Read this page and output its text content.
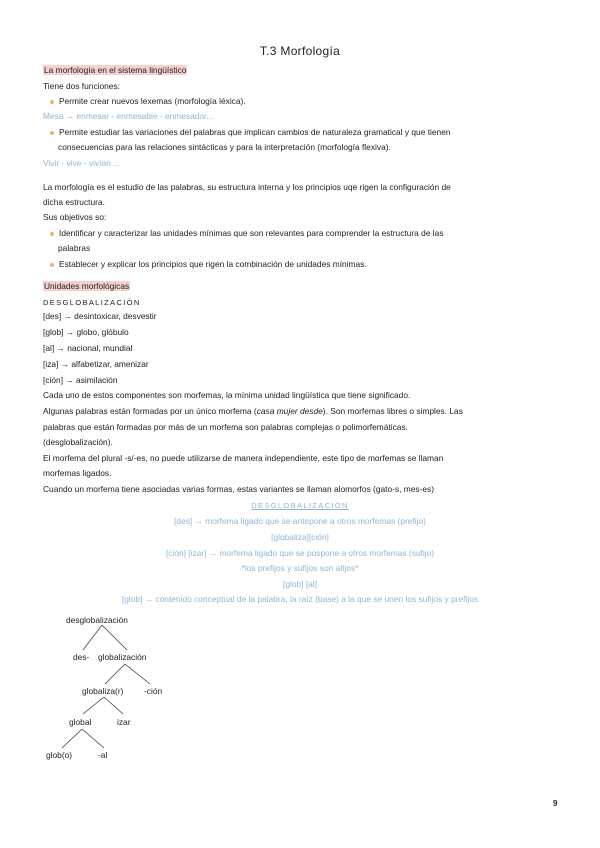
T.3 Morfología
La morfología en el sistema lingüístico
Tiene dos funciones:
Permite crear nuevos lexemas (morfología léxica).
Mesa → enmesar - enmesable - enmesador...
Permite estudiar las variaciones del palabras que implican cambios de naturaleza gramatical y que tienen
consecuencias para las relaciones sintácticas y para la interpretación (morfología flexiva).
Vivir - vive - vivían ...
La morfología es el estudio de las palabras, su estructura interna y los principios uqe rigen la configuración de
dicha estructura.
Sus objetivos so:
Identificar y caracterizar las unidades mínimas que son relevantes para comprender la estructura de las
palabras
Establecer y explicar los principios que rigen la combinación de unidades mínimas.
Unidades morfológicas
DESGLOBALIZACIÓN
[des] → desintoxicar, desvestir
[glob] → globo, glóbulo
[al] → nacional, mundial
[iza] → alfabetizar, amenizar
[ción] → asimilación
Cada uno de estos componentes son morfemas, la mínima unidad lingüística que tiene significado.
Algunas palabras están formadas por un único morfema (casa mujer desde). Son morfemas libres o simples. Las
palabras que están formadas por más de un morfema son palabras complejas o polimorfemáticas.
(desglobalización).
El morfema del plural -s/-es, no puede utilizarse de manera independiente, este tipo de morfemas se llaman
morfemas ligados.
Cuando un morfema tiene asociadas varias formas, estas variantes se llaman alomorfos (gato-s, mes-es)
DESGLOBALIZACIÓN
[des] → morfema ligado que se antepone a otros morfemas (prefijo)
[globaliza][ción]
[ción] [izar] → morfema ligado que se pospone a otros morfemas (sufijo)
*los prefijos y sufijos son afijos*
[glob] [al]
[glob] → contenido conceptual de la palabra, la raíz (base) a la que se unen los sufijos y prefijos
desglobalización
des- globalización
globaliza(r) -ción
global	izar
glob(o)	-al
9
